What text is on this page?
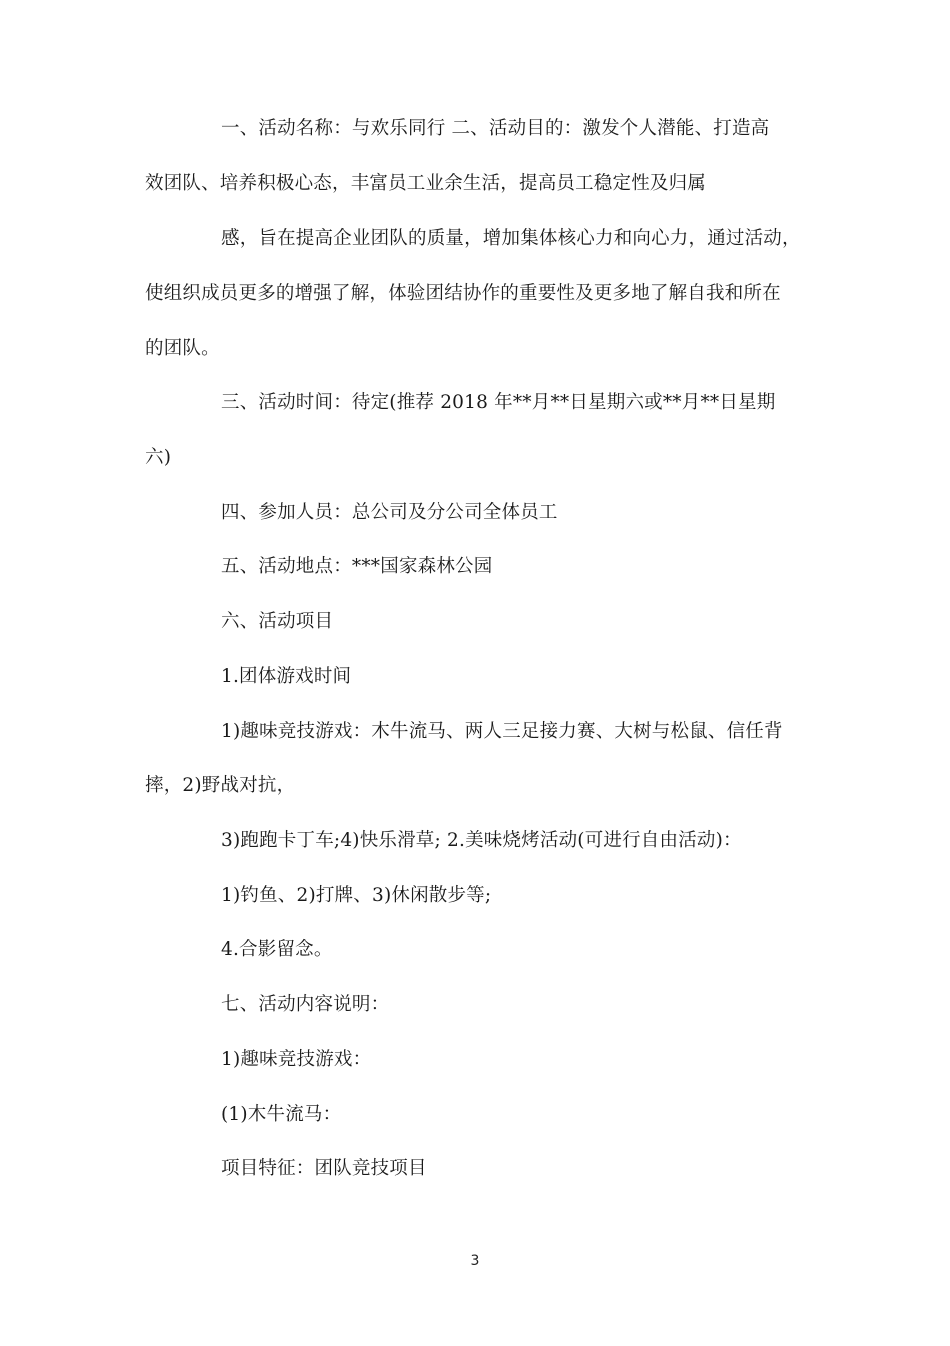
一、活动名称：与欢乐同行 二、活动目的：激发个人潜能、打造高
效团队、培养积极心态，丰富员工业余生活，提高员工稳定性及归属
感，旨在提高企业团队的质量，增加集体核心力和向心力，通过活动，
使组织成员更多的增强了解，体验团结协作的重要性及更多地了解自我和所在
的团队。
三、活动时间：待定(推荐 2018 年**月**日星期六或**月**日星期
六)
四、参加人员：总公司及分公司全体员工
五、活动地点：***国家森林公园
六、活动项目
1.团体游戏时间
1)趣味竞技游戏：木牛流马、两人三足接力赛、大树与松鼠、信任背
摔，2)野战对抗，
3)跑跑卡丁车;4)快乐滑草; 2.美味烧烤活动(可进行自由活动)：
1)钓鱼、2)打牌、3)休闲散步等;
4.合影留念。
七、活动内容说明：
1)趣味竞技游戏：
(1)木牛流马：
项目特征：团队竞技项目
3
